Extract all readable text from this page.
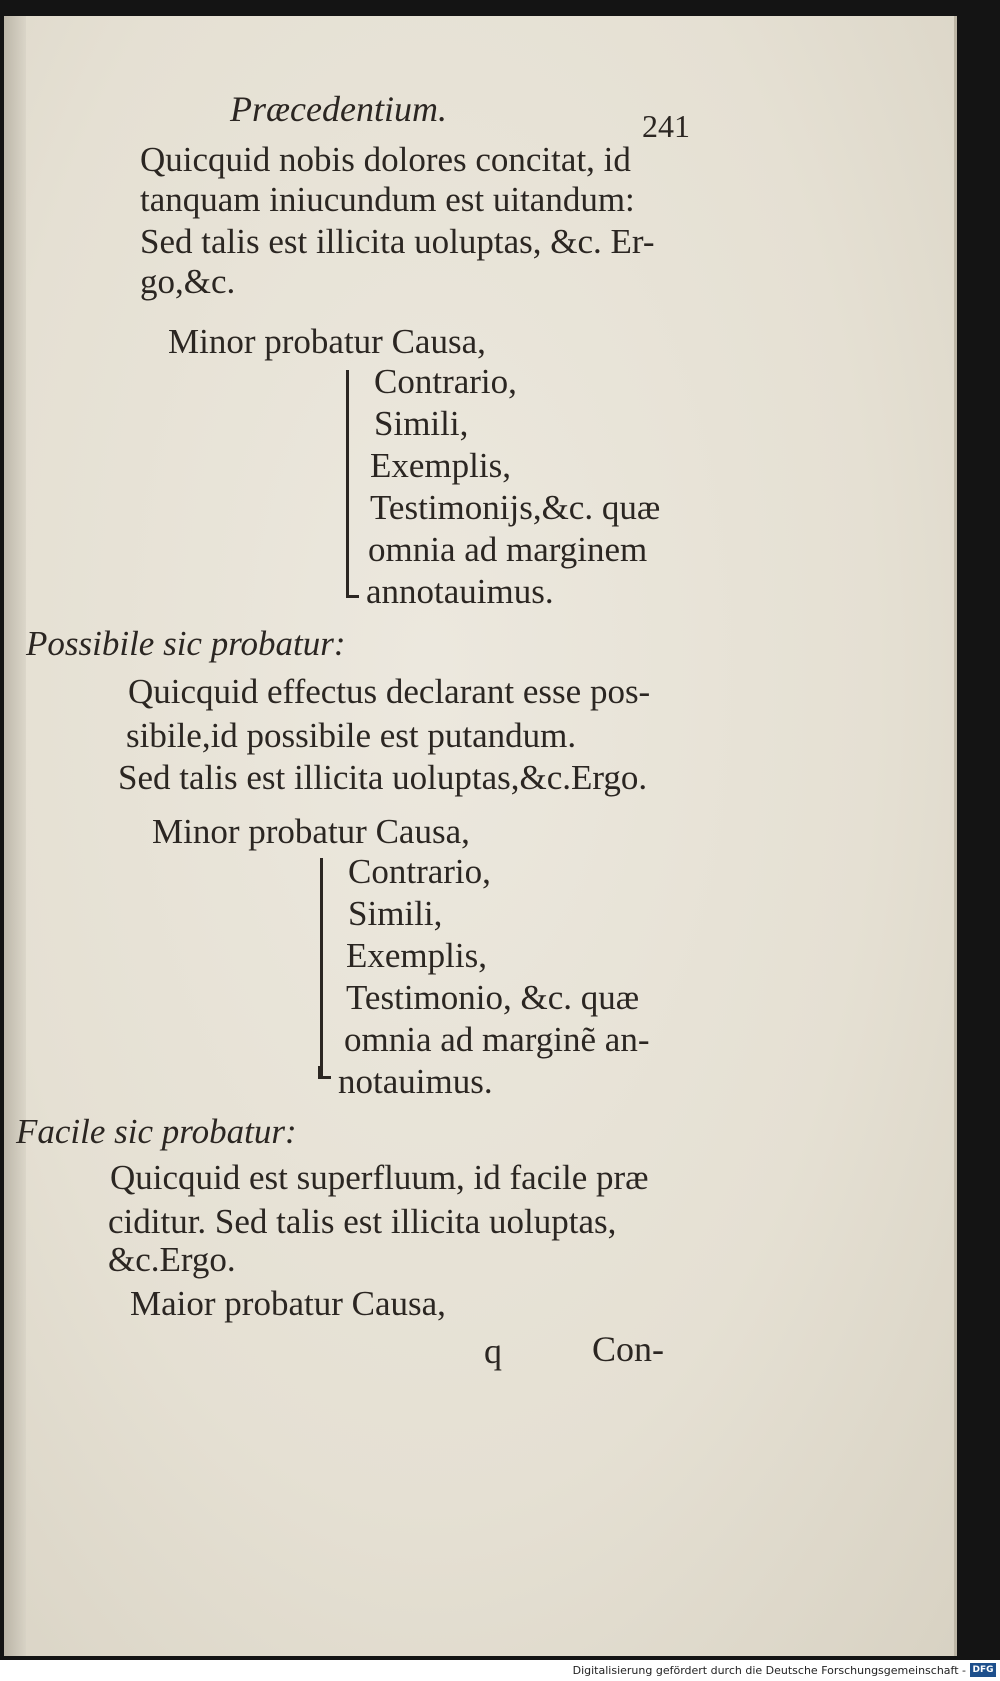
Præcedentium.	241
Quicquid nobis dolores concitat, id
tanquam iniucundum est uitandum:
Sed talis est illicita uoluptas, &c. Er-
go,&c.
Minor probatur Causa,
Contrario,
Simili,
Exemplis,
Testimonijs,&c. quæ
omnia ad marginem
annotauimus.
Possibile sic probatur:
Quicquid effectus declarant esse pos-
sibile,id possibile est putandum.
Sed talis est illicita uoluptas,&c.Ergo.
Minor probatur Causa,
Contrario,
Simili,
Exemplis,
Testimonio, &c. quæ
omnia ad marginẽ an-
notauimus.
Facile sic probatur:
Quicquid est superfluum, id facile præ
ciditur. Sed talis est illicita uoluptas,
&c.Ergo.
Maior probatur Causa,
q	Con-
Digitalisierung gefördert durch die Deutsche Forschungsgemeinschaft - DFG
